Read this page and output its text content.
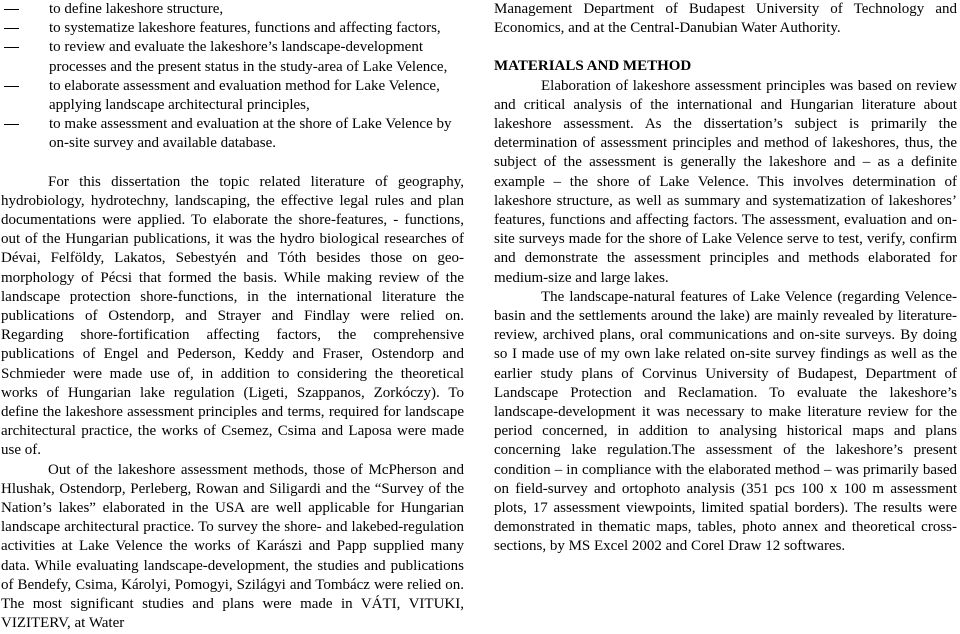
to define lakeshore structure,
to systematize lakeshore features, functions and affecting factors,
to review and evaluate the lakeshore’s landscape-development processes and the present status in the study-area of Lake Velence,
to elaborate assessment and evaluation method for Lake Velence, applying landscape architectural principles,
to make assessment and evaluation at the shore of Lake Velence by on-site survey and available database.

For this dissertation the topic related literature of geography, hydrobiology, hydrotechny, landscaping, the effective legal rules and plan documentations were applied. To elaborate the shore-features, - functions, out of the Hungarian publications, it was the hydro biological researches of Dévai, Felföldy, Lakatos, Sebestyén and Tóth besides those on geo-morphology of Pécsi that formed the basis. While making review of the landscape protection shore-functions, in the international literature the publications of Ostendorp, and Strayer and Findlay were relied on. Regarding shore-fortification affecting factors, the comprehensive publications of Engel and Pederson, Keddy and Fraser, Ostendorp and Schmieder were made use of, in addition to considering the theoretical works of Hungarian lake regulation (Ligeti, Szappanos, Zorkóczy). To define the lakeshore assessment principles and terms, required for landscape architectural practice, the works of Csemez, Csima and Laposa were made use of.

Out of the lakeshore assessment methods, those of McPherson and Hlushak, Ostendorp, Perleberg, Rowan and Siligardi and the “Survey of the Nation’s lakes” elaborated in the USA are well applicable for Hungarian landscape architectural practice. To survey the shore- and lakebed-regulation activities at Lake Velence the works of Karászi and Papp supplied many data. While evaluating landscape-development, the studies and publications of Bendefy, Csima, Károlyi, Pomogyi, Szilágyi and Tombácz were relied on. The most significant studies and plans were made in VÁTI, VITUKI, VIZITERV, at Water

Management Department of Budapest University of Technology and Economics, and at the Central-Danubian Water Authority.

MATERIALS AND METHOD

Elaboration of lakeshore assessment principles was based on review and critical analysis of the international and Hungarian literature about lakeshore assessment. As the dissertation’s subject is primarily the determination of assessment principles and method of lakeshores, thus, the subject of the assessment is generally the lakeshore and – as a definite example – the shore of Lake Velence. This involves determination of lakeshore structure, as well as summary and systematization of lakeshores’ features, functions and affecting factors. The assessment, evaluation and on-site surveys made for the shore of Lake Velence serve to test, verify, confirm and demonstrate the assessment principles and methods elaborated for medium-size and large lakes.

The landscape-natural features of Lake Velence (regarding Velence-basin and the settlements around the lake) are mainly revealed by literature-review, archived plans, oral communications and on-site surveys. By doing so I made use of my own lake related on-site survey findings as well as the earlier study plans of Corvinus University of Budapest, Department of Landscape Protection and Reclamation. To evaluate the lakeshore’s landscape-development it was necessary to make literature review for the period concerned, in addition to analysing historical maps and plans concerning lake regulation.The assessment of the lakeshore’s present condition – in compliance with the elaborated method – was primarily based on field-survey and ortophoto analysis (351 pcs 100 x 100 m assessment plots, 17 assessment viewpoints, limited spatial borders). The results were demonstrated in thematic maps, tables, photo annex and theoretical cross-sections, by MS Excel 2002 and Corel Draw 12 softwares.
